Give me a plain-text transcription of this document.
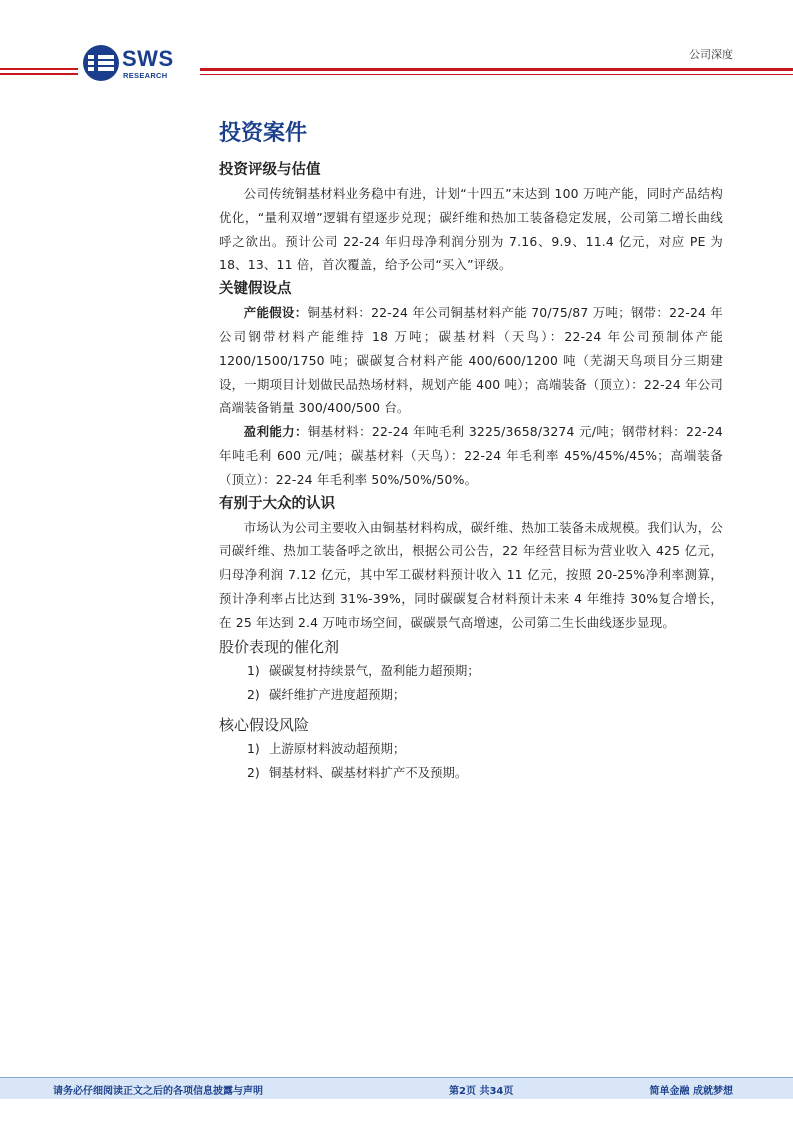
SWS
RESEARCH
公司深度
投资案件
投资评级与估值

公司传统铜基材料业务稳中有进，计划“十四五”末达到 100 万吨产能，同时产品结构优化，“量利双增”逻辑有望逐步兑现；碳纤维和热加工装备稳定发展，公司第二增长曲线呼之欲出。预计公司 22-24 年归母净利润分别为 7.16、9.9、11.4 亿元，对应 PE 为 18、13、11 倍，首次覆盖，给予公司“买入”评级。

关键假设点

产能假设：铜基材料：22-24 年公司铜基材料产能 70/75/87 万吨；钢带：22-24 年公司钢带材料产能维持 18 万吨；碳基材料（天鸟）：22-24 年公司预制体产能 1200/1500/1750 吨；碳碳复合材料产能 400/600/1200 吨（芜湖天鸟项目分三期建设，一期项目计划做民品热场材料，规划产能 400 吨）；高端装备（顶立）：22-24 年公司高端装备销量 300/400/500 台。

盈利能力：铜基材料：22-24 年吨毛利 3225/3658/3274 元/吨；钢带材料：22-24 年吨毛利 600 元/吨；碳基材料（天鸟）：22-24 年毛利率 45%/45%/45%；高端装备（顶立）：22-24 年毛利率 50%/50%/50%。

有别于大众的认识

市场认为公司主要收入由铜基材料构成，碳纤维、热加工装备未成规模。我们认为，公司碳纤维、热加工装备呼之欲出，根据公司公告，22 年经营目标为营业收入 425 亿元，归母净利润 7.12 亿元，其中军工碳材料预计收入 11 亿元，按照 20-25%净利率测算，预计净利率占比达到 31%-39%，同时碳碳复合材料预计未来 4 年维持 30%复合增长，在 25 年达到 2.4 万吨市场空间，碳碳景气高增速，公司第二生长曲线逐步显现。

股价表现的催化剂

1) 碳碳复材持续景气，盈利能力超预期；

2) 碳纤维扩产进度超预期；

核心假设风险

1) 上游原材料波动超预期；

2) 铜基材料、碳基材料扩产不及预期。

请务必仔细阅读正文之后的各项信息披露与声明	第2页 共34页	简单金融 成就梦想
